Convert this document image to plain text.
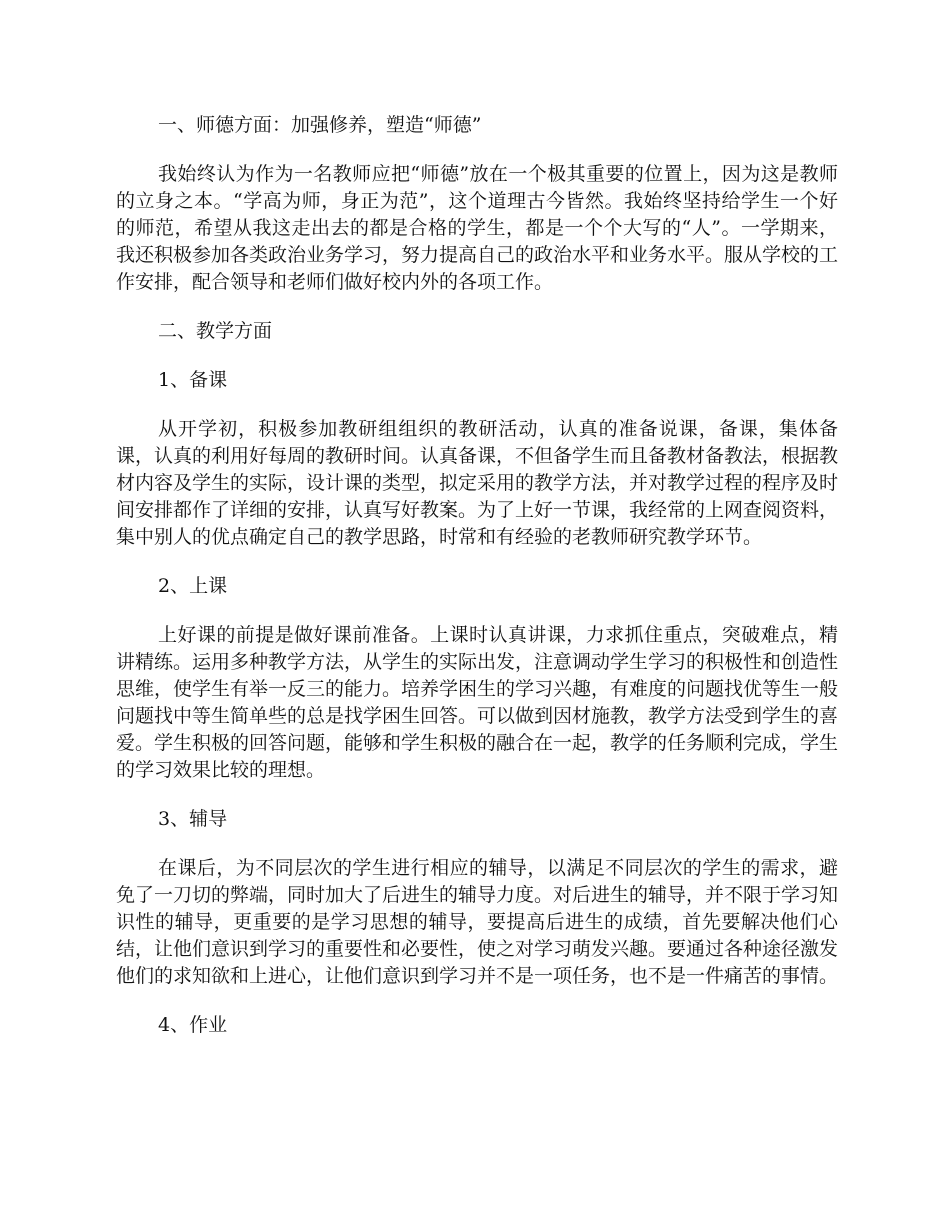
一、师德方面：加强修养，塑造“师德”

我始终认为作为一名教师应把“师德”放在一个极其重要的位置上，因为这是教师的立身之本。“学高为师，身正为范”，这个道理古今皆然。我始终坚持给学生一个好的师范，希望从我这走出去的都是合格的学生，都是一个个大写的“人”。一学期来，我还积极参加各类政治业务学习，努力提高自己的政治水平和业务水平。服从学校的工作安排，配合领导和老师们做好校内外的各项工作。

二、教学方面

1、备课

从开学初，积极参加教研组组织的教研活动，认真的准备说课，备课，集体备课，认真的利用好每周的教研时间。认真备课，不但备学生而且备教材备教法，根据教材内容及学生的实际，设计课的类型，拟定采用的教学方法，并对教学过程的程序及时间安排都作了详细的安排，认真写好教案。为了上好一节课，我经常的上网查阅资料，集中别人的优点确定自己的教学思路，时常和有经验的老教师研究教学环节。

2、上课

上好课的前提是做好课前准备。上课时认真讲课，力求抓住重点，突破难点，精讲精练。运用多种教学方法，从学生的实际出发，注意调动学生学习的积极性和创造性思维，使学生有举一反三的能力。培养学困生的学习兴趣，有难度的问题找优等生一般问题找中等生简单些的总是找学困生回答。可以做到因材施教，教学方法受到学生的喜爱。学生积极的回答问题，能够和学生积极的融合在一起，教学的任务顺利完成，学生的学习效果比较的理想。

3、辅导

在课后，为不同层次的学生进行相应的辅导，以满足不同层次的学生的需求，避免了一刀切的弊端，同时加大了后进生的辅导力度。对后进生的辅导，并不限于学习知识性的辅导，更重要的是学习思想的辅导，要提高后进生的成绩，首先要解决他们心结，让他们意识到学习的重要性和必要性，使之对学习萌发兴趣。要通过各种途径激发他们的求知欲和上进心，让他们意识到学习并不是一项任务，也不是一件痛苦的事情。

4、作业
